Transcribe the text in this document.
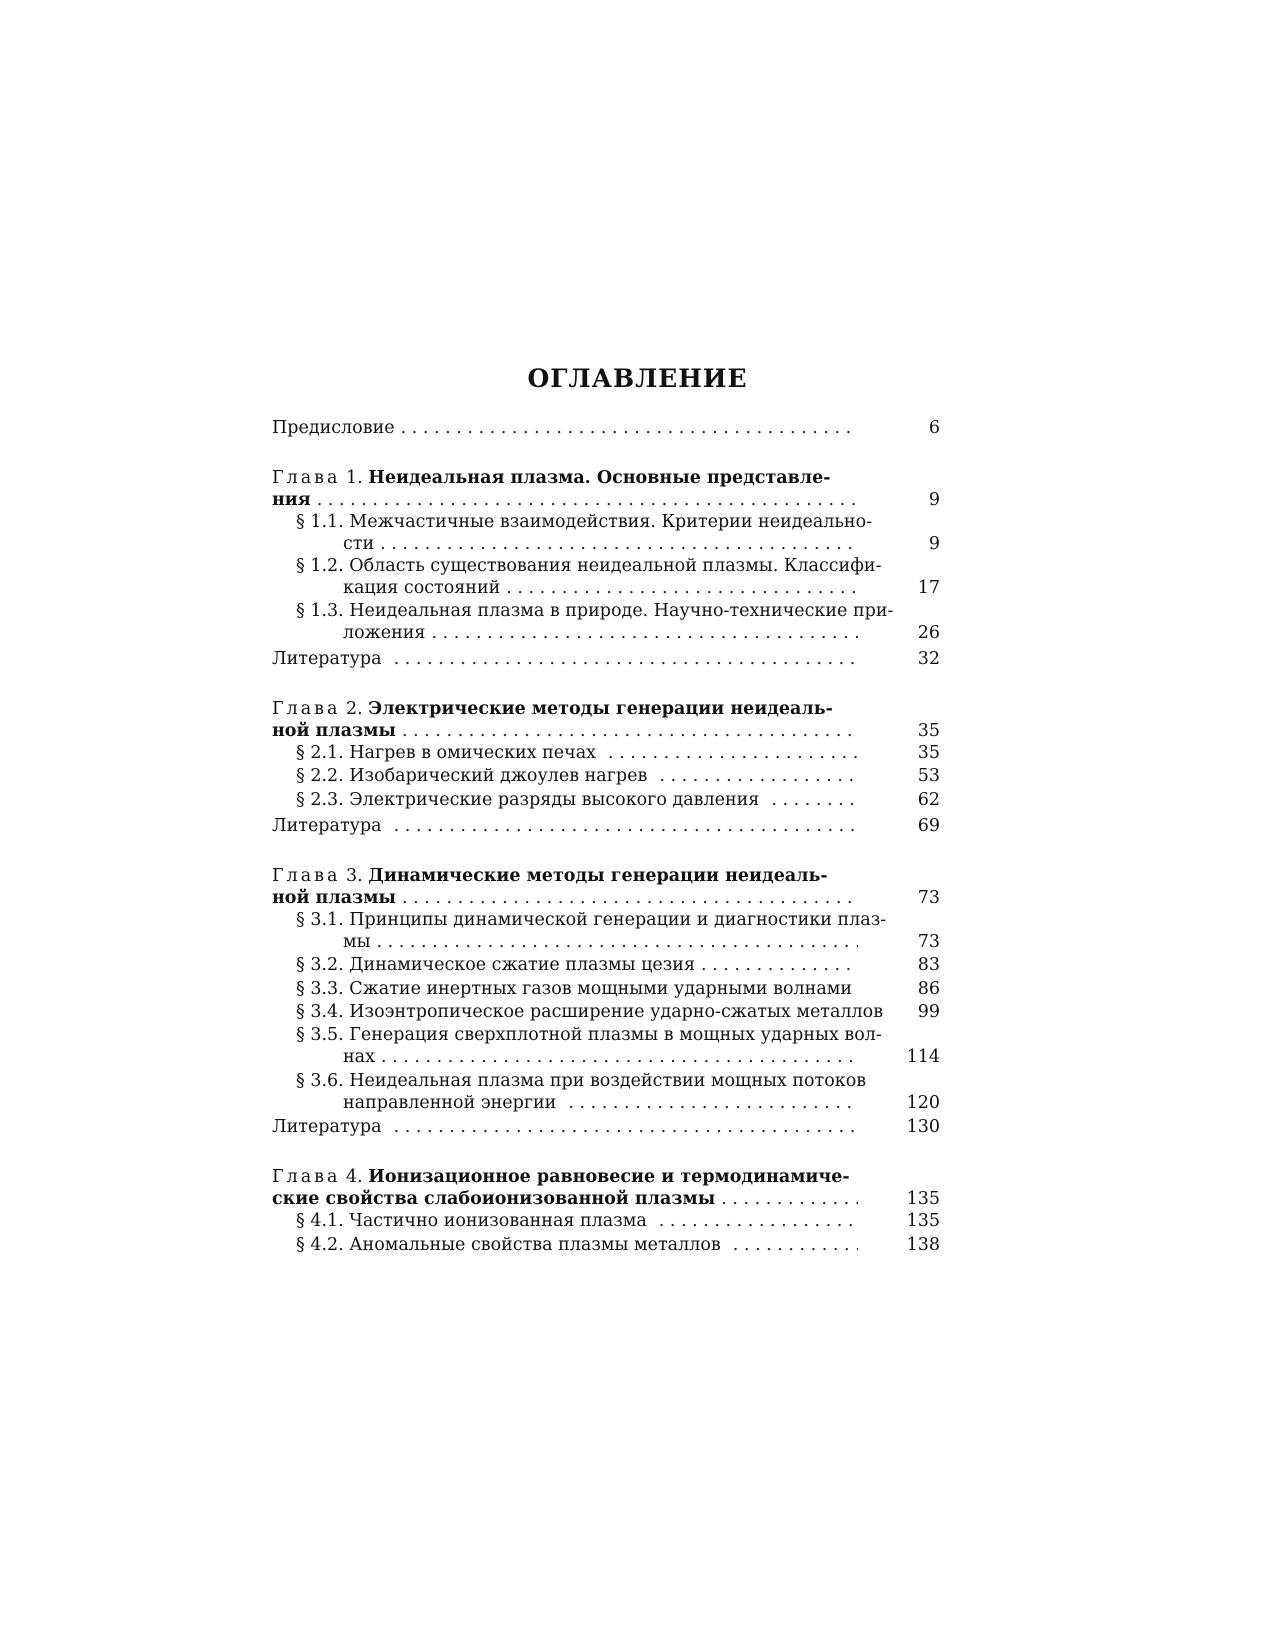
ОГЛАВЛЕНИЕ
Предисловие . . .	6
Глава 1. Неидеальная плазма. Основные представле-
ния . . .	9
§ 1.1. Межчастичные взаимодействия. Критерии неидеально-
сти . . .	9
§ 1.2. Область существования неидеальной плазмы. Классифи-
кация состояний . . .	17
§ 1.3. Неидеальная плазма в природе. Научно-технические при-
ложения . . .	26
Литература . . .	32
Глава 2. Электрические методы генерации неидеаль-
ной плазмы . . .	35
§ 2.1. Нагрев в омических печах . . .	35
§ 2.2. Изобарический джоулев нагрев . . .	53
§ 2.3. Электрические разряды высокого давления . . .	62
Литература . . .	69
Глава 3. Динамические методы генерации неидеаль-
ной плазмы . . .	73
§ 3.1. Принципы динамической генерации и диагностики плаз-
мы . . .	73
§ 3.2. Динамическое сжатие плазмы цезия . . .	83
§ 3.3. Сжатие инертных газов мощными ударными волнами	86
§ 3.4. Изоэнтропическое расширение ударно-сжатых металлов	99
§ 3.5. Генерация сверхплотной плазмы в мощных ударных вол-
нах . . .	114
§ 3.6. Неидеальная плазма при воздействии мощных потоков
направленной энергии . . .	120
Литература . . .	130
Глава 4. Ионизационное равновесие и термодинамиче-
ские свойства слабоионизованной плазмы . . .	135
§ 4.1. Частично ионизованная плазма . . .	135
§ 4.2. Аномальные свойства плазмы металлов . . .	138
